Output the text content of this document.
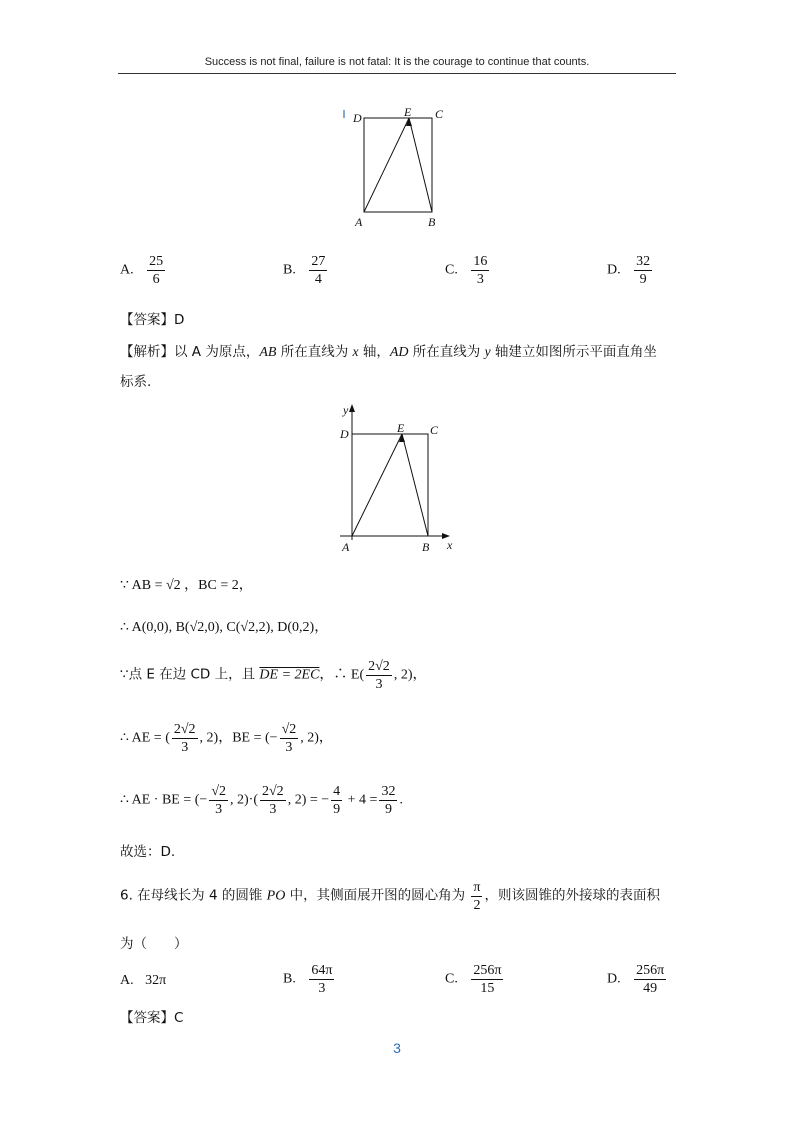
Success is not final, failure is not fatal: It is the courage to continue that counts.
D	E C
A	B
A. $\frac{25}{6}$	B. $\frac{27}{4}$	C. $\frac{16}{3}$	D. $\frac{32}{9}$
【答案】D
【解析】以 A 为原点，AB 所在直线为 x 轴，AD 所在直线为 y 轴建立如图所示平面直角坐
标系.
y
D	E C
A	B x
∵ AB = √2 ，BC = 2，
∴ A(0,0), B(√2,0), C(√2,2), D(0,2)，
∵点 E 在边 CD 上，且 DE = 2EC，∴ $E( \frac{2√2}{3}$ , 2)，
∴ AE = ( $\frac{2√2}{3}$ , 2)，BE = (− $\frac{√2}{3}$ , 2)，
∴ AE · BE = (− $\frac{√2}{3}$ , $2)\cdot( \frac{2√2}{3}$ , 2) = − $\frac{4}{9} + 4 = \frac{32}{9}$ .
故选：D.
6. 在母线长为 4 的圆锥 PO 中，其侧面展开图的圆心角为 $\frac{\pi}{2}$ ，则该圆锥的外接球的表面积
为（　　）
A. 32π	B. $\frac{64\pi}{3}$	C. $\frac{256\pi}{15}$	D. $\frac{256\pi}{49}$
【答案】C
3
